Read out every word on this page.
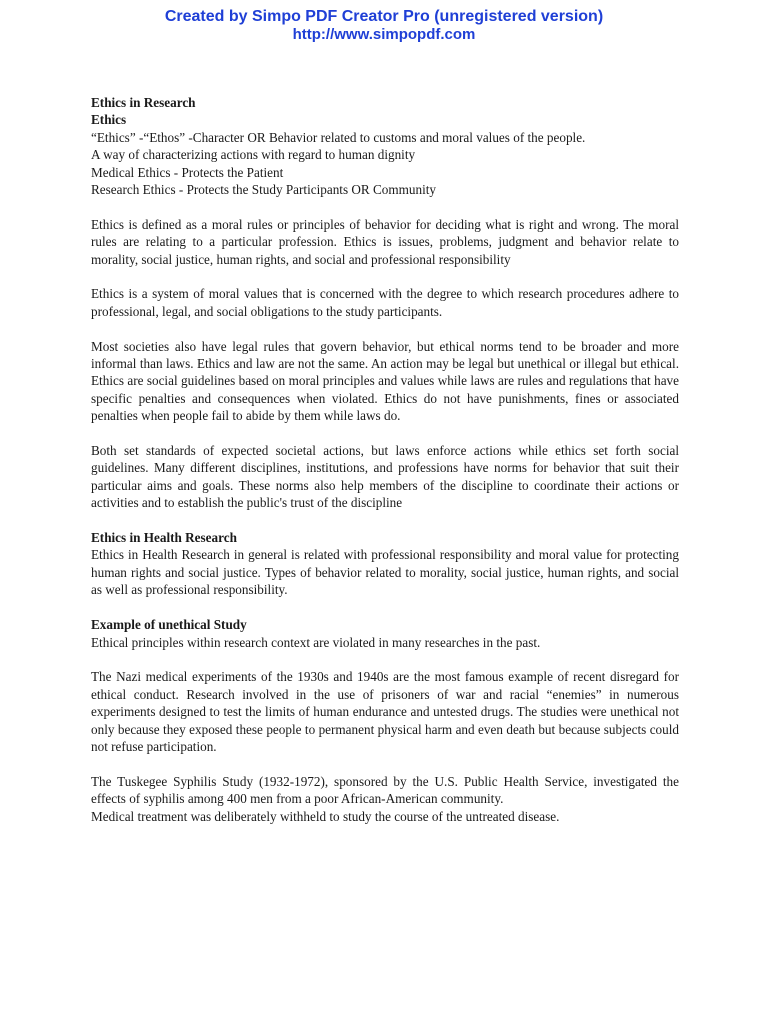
Created by Simpo PDF Creator Pro (unregistered version)
http://www.simpopdf.com

Ethics in Research

Ethics

“Ethics” -“Ethos” -Character OR Behavior related to customs and moral values of the people.

A way of characterizing actions with regard to human dignity

Medical Ethics - Protects the Patient

Research Ethics - Protects the Study Participants OR Community

Ethics is defined as a moral rules or principles of behavior for deciding what is right and wrong. The moral rules are relating to a particular profession. Ethics is issues, problems, judgment and behavior relate to morality, social justice, human rights, and social and professional responsibility

Ethics is a system of moral values that is concerned with the degree to which research procedures adhere to professional, legal, and social obligations to the study participants.

Most societies also have legal rules that govern behavior, but ethical norms tend to be broader and more informal than laws. Ethics and law are not the same. An action may be legal but unethical or illegal but ethical. Ethics are social guidelines based on moral principles and values while laws are rules and regulations that have specific penalties and consequences when violated. Ethics do not have punishments, fines or associated penalties when people fail to abide by them while laws do.

Both set standards of expected societal actions, but laws enforce actions while ethics set forth social guidelines. Many different disciplines, institutions, and professions have norms for behavior that suit their particular aims and goals. These norms also help members of the discipline to coordinate their actions or activities and to establish the public's trust of the discipline

Ethics in Health Research

Ethics in Health Research in general is related with professional responsibility and moral value for protecting human rights and social justice. Types of behavior related to morality, social justice, human rights, and social as well as professional responsibility.

Example of unethical Study

Ethical principles within research context are violated in many researches in the past.

The Nazi medical experiments of the 1930s and 1940s are the most famous example of recent disregard for ethical conduct. Research involved in the use of prisoners of war and racial “enemies” in numerous experiments designed to test the limits of human endurance and untested drugs. The studies were unethical not only because they exposed these people to permanent physical harm and even death but because subjects could not refuse participation.

The Tuskegee Syphilis Study (1932-1972), sponsored by the U.S. Public Health Service, investigated the effects of syphilis among 400 men from a poor African-American community.

Medical treatment was deliberately withheld to study the course of the untreated disease.
